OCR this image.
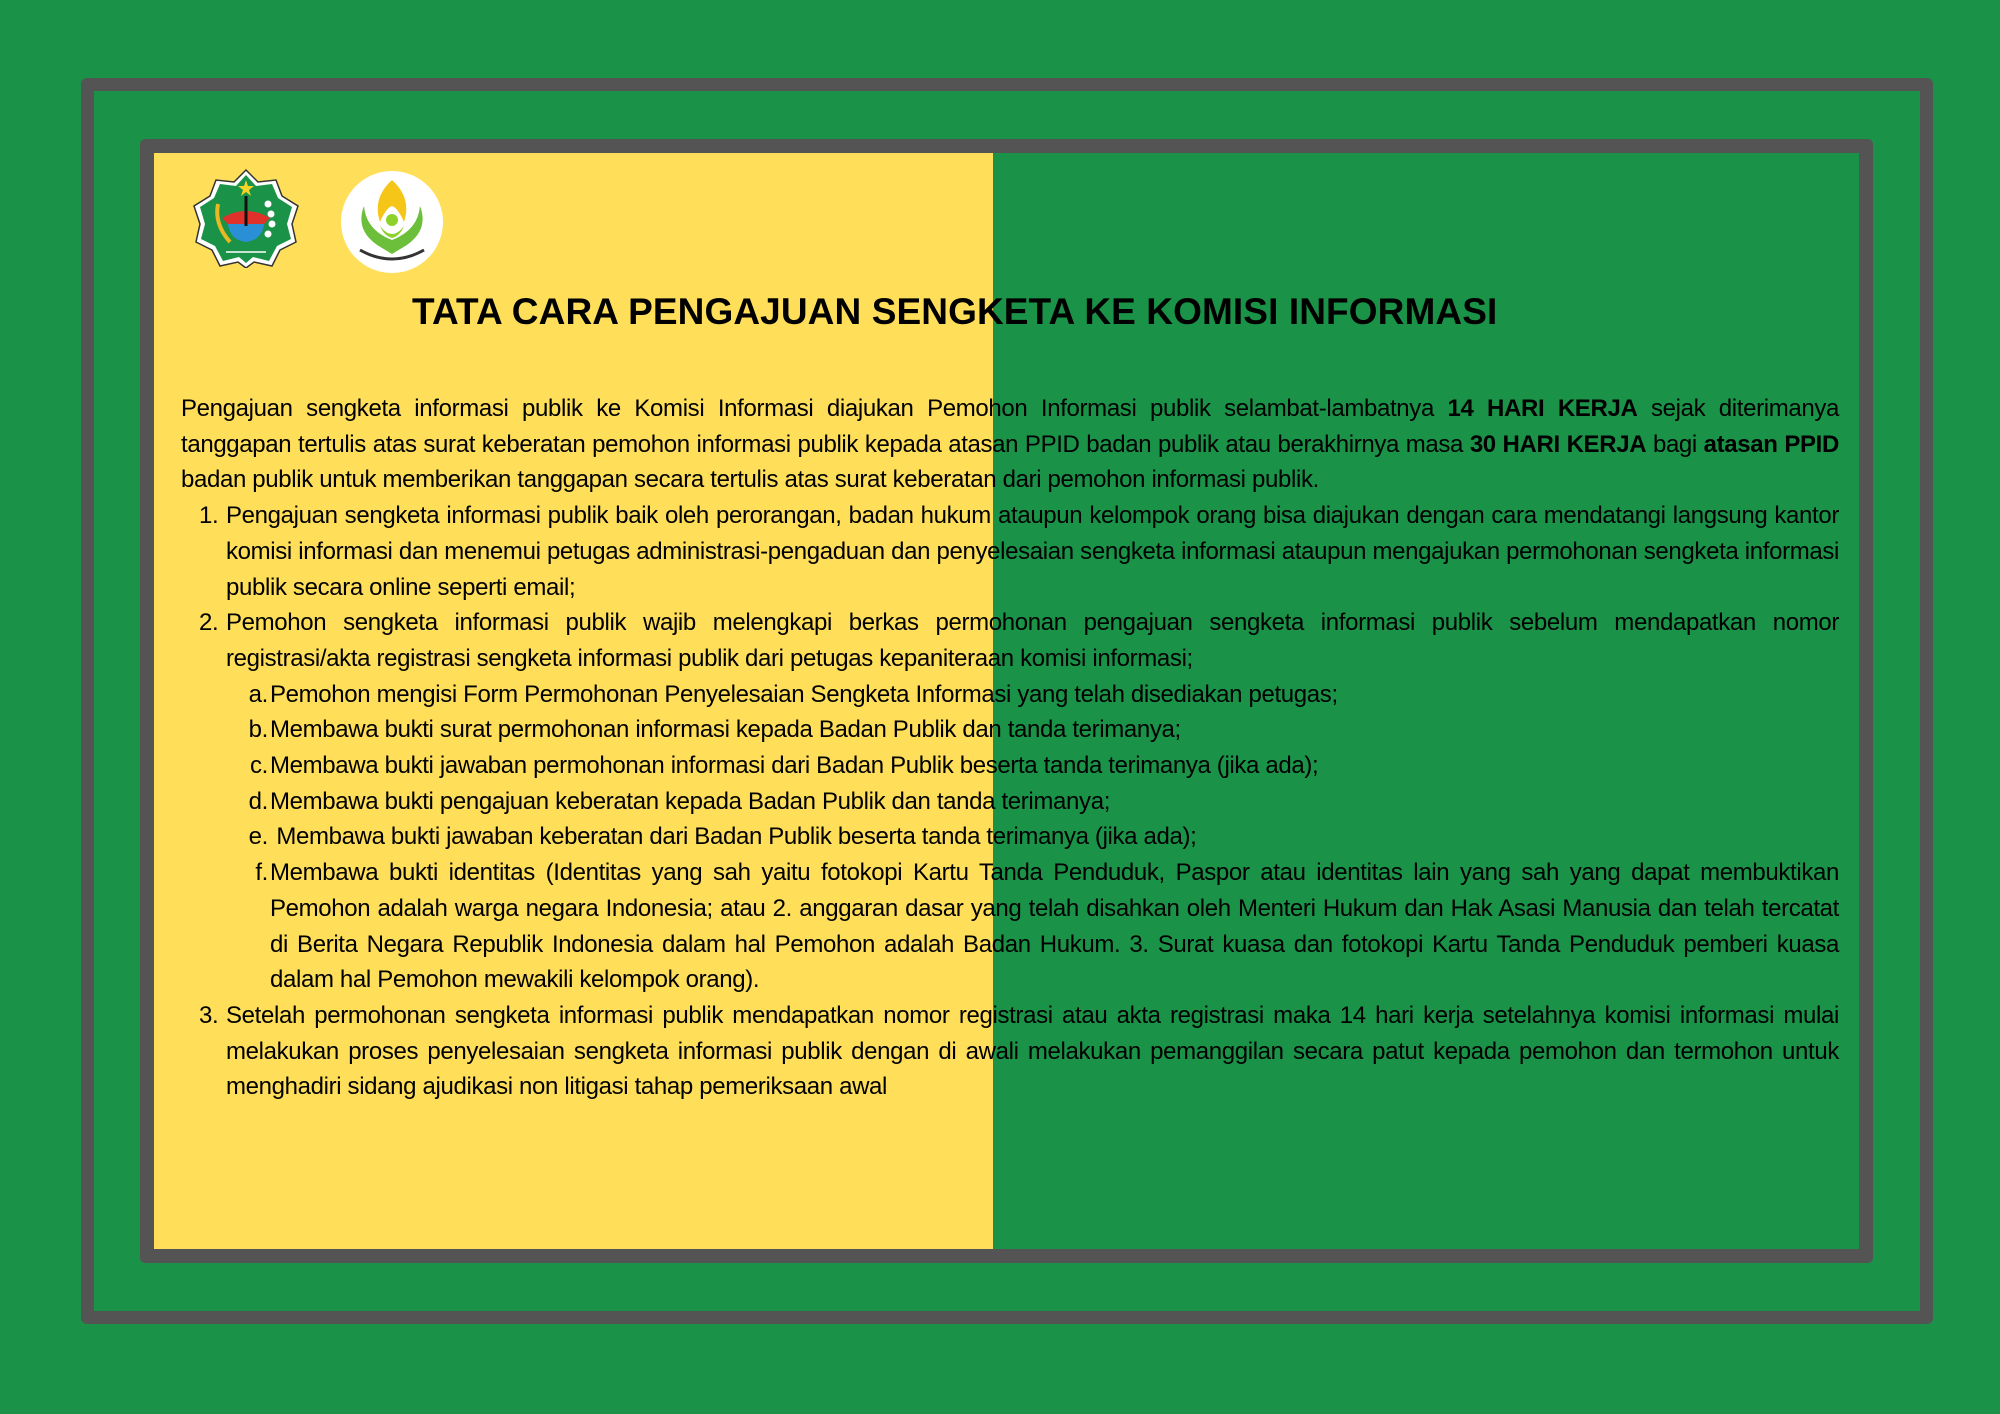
TATA CARA PENGAJUAN SENGKETA KE KOMISI INFORMASI

Pengajuan sengketa informasi publik ke Komisi Informasi diajukan Pemohon Informasi publik selambat-lambatnya 14 HARI KERJA sejak diterimanya tanggapan tertulis atas surat keberatan pemohon informasi publik kepada atasan PPID badan publik atau berakhirnya masa 30 HARI KERJA bagi atasan PPID badan publik untuk memberikan tanggapan secara tertulis atas surat keberatan dari pemohon informasi publik.

1. Pengajuan sengketa informasi publik baik oleh perorangan, badan hukum ataupun kelompok orang bisa diajukan dengan cara mendatangi langsung kantor komisi informasi dan menemui petugas administrasi-pengaduan dan penyelesaian sengketa informasi ataupun mengajukan permohonan sengketa informasi publik secara online seperti email;
2. Pemohon sengketa informasi publik wajib melengkapi berkas permohonan pengajuan sengketa informasi publik sebelum mendapatkan nomor registrasi/akta registrasi sengketa informasi publik dari petugas kepaniteraan komisi informasi;
a. Pemohon mengisi Form Permohonan Penyelesaian Sengketa Informasi yang telah disediakan petugas;
b. Membawa bukti surat permohonan informasi kepada Badan Publik dan tanda terimanya;
c. Membawa bukti jawaban permohonan informasi dari Badan Publik beserta tanda terimanya (jika ada);
d. Membawa bukti pengajuan keberatan kepada Badan Publik dan tanda terimanya;
e. Membawa bukti jawaban keberatan dari Badan Publik beserta tanda terimanya (jika ada);
f. Membawa bukti identitas (Identitas yang sah yaitu fotokopi Kartu Tanda Penduduk, Paspor atau identitas lain yang sah yang dapat membuktikan Pemohon adalah warga negara Indonesia; atau 2. anggaran dasar yang telah disahkan oleh Menteri Hukum dan Hak Asasi Manusia dan telah tercatat di Berita Negara Republik Indonesia dalam hal Pemohon adalah Badan Hukum. 3. Surat kuasa dan fotokopi Kartu Tanda Penduduk pemberi kuasa dalam hal Pemohon mewakili kelompok orang).
3. Setelah permohonan sengketa informasi publik mendapatkan nomor registrasi atau akta registrasi maka 14 hari kerja setelahnya komisi informasi mulai melakukan proses penyelesaian sengketa informasi publik dengan di awali melakukan pemanggilan secara patut kepada pemohon dan termohon untuk menghadiri sidang ajudikasi non litigasi tahap pemeriksaan awal
